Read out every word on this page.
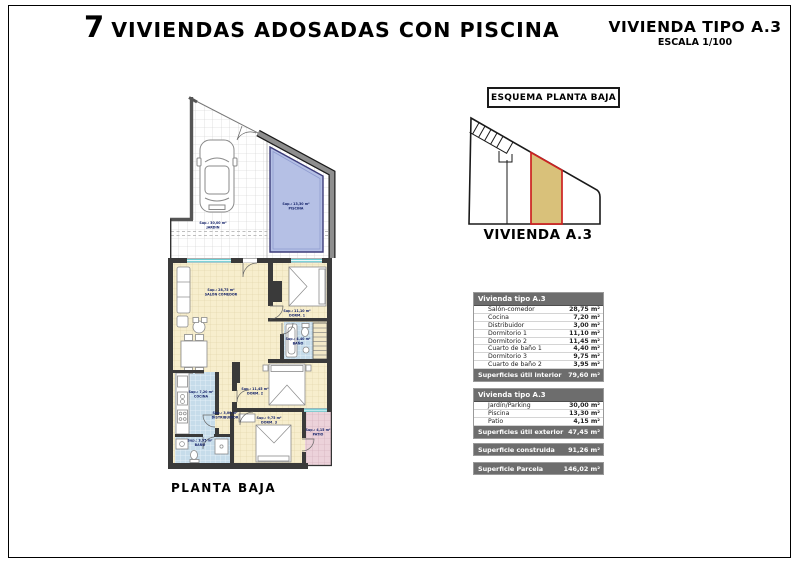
7 VIVIENDAS ADOSADAS CON PISCINA	VIVIENDA TIPO A.3
ESCALA 1/100
ESQUEMA PLANTA BAJA
VIVIENDA A.3
Sup.: 30,00 m²
JARDIN
Sup.: 13,30 m²
PISCINA
Sup.: 28,75 m²
SALÓN COMEDOR
Sup.: 11,10 m²
DORM. 1
Sup.: 4,40 m²
BAÑO
Sup.: 11,45 m²
DORM. 2
Sup.: 7,20 m²
COCINA
Sup.: 3,00 m²
DISTRIBUIDOR	Sup.: 9,75 m²
DORM. 3
Sup.: 3,95 m²
BAÑO
Sup.: 4,15 m²
PATIO
PLANTA BAJA
Vivienda tipo A.3
Salón-comedor	28,75 m²
Cocina	7,20 m²
Distribuidor	3,00 m²
Dormitorio 1	11,10 m²
Dormitorio 2	11,45 m²
Cuarto de baño 1	4,40 m²
Dormitorio 3	9,75 m²
Cuarto de baño 2	3,95 m²
Superficies útil interior 79,60 m²
Vivienda tipo A.3
Jardín/Parking	30,00 m²
Piscina	13,30 m²
Patio	4,15 m²
Superficies útil exterior 47,45 m²
Superficie construida 91,26 m²
Superficie Parcela	146,02 m²
